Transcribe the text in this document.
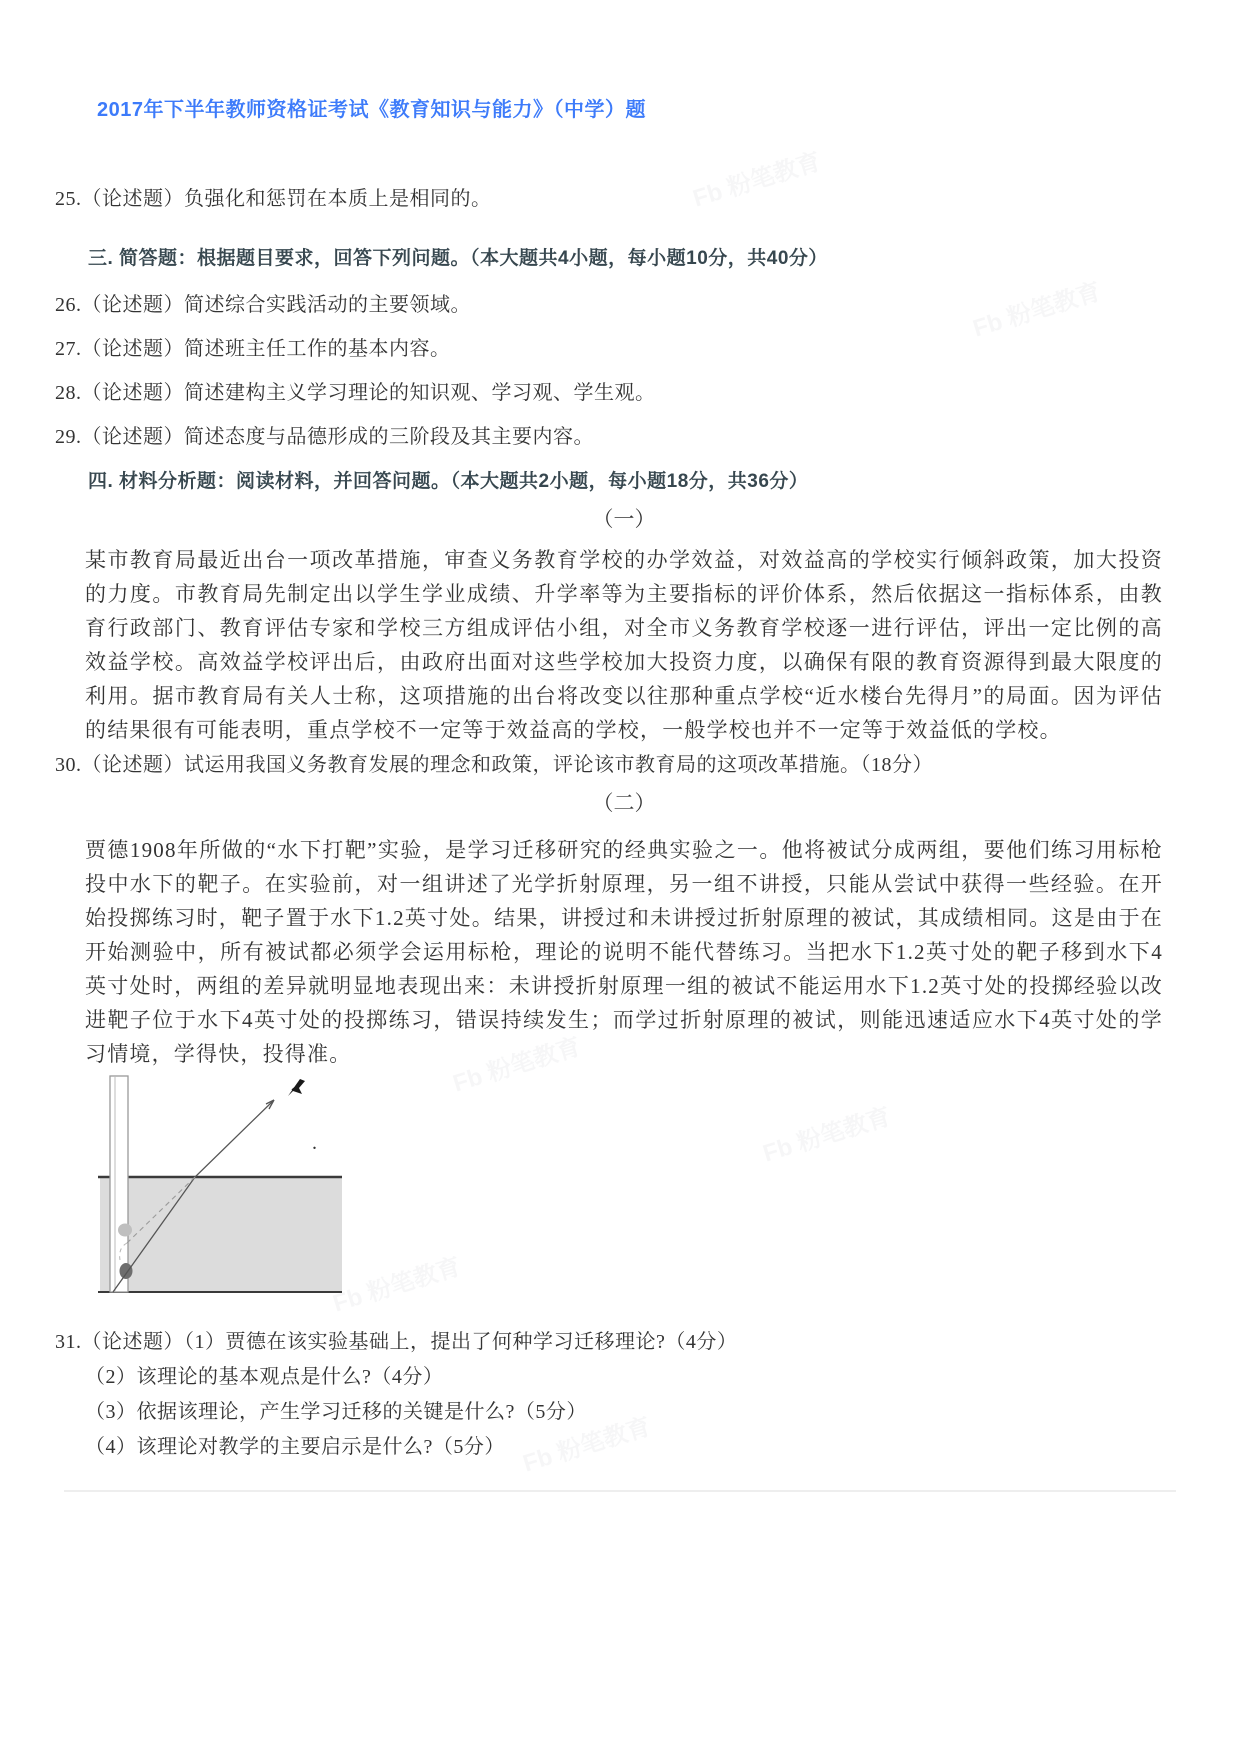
Fb 粉笔教育
Fb 粉笔教育
Fb 粉笔教育
Fb 粉笔教育
Fb 粉笔教育
Fb 粉笔教育
2017年下半年教师资格证考试《教育知识与能力》（中学）题
25.（论述题）负强化和惩罚在本质上是相同的。
三. 简答题：根据题目要求，回答下列问题。（本大题共4小题，每小题10分，共40分）
26.（论述题）简述综合实践活动的主要领域。
27.（论述题）简述班主任工作的基本内容。
28.（论述题）简述建构主义学习理论的知识观、学习观、学生观。
29.（论述题）简述态度与品德形成的三阶段及其主要内容。
四. 材料分析题：阅读材料，并回答问题。（本大题共2小题，每小题18分，共36分）
（一）
某市教育局最近出台一项改革措施，审查义务教育学校的办学效益，对效益高的学校实行倾斜政策，加大投资的力度。市教育局先制定出以学生学业成绩、升学率等为主要指标的评价体系，然后依据这一指标体系，由教育行政部门、教育评估专家和学校三方组成评估小组，对全市义务教育学校逐一进行评估，评出一定比例的高效益学校。高效益学校评出后，由政府出面对这些学校加大投资力度，以确保有限的教育资源得到最大限度的利用。据市教育局有关人士称，这项措施的出台将改变以往那种重点学校“近水楼台先得月”的局面。因为评估的结果很有可能表明，重点学校不一定等于效益高的学校，一般学校也并不一定等于效益低的学校。
30.（论述题）试运用我国义务教育发展的理念和政策，评论该市教育局的这项改革措施。（18分）
（二）
贾德1908年所做的“水下打靶”实验，是学习迁移研究的经典实验之一。他将被试分成两组，要他们练习用标枪投中水下的靶子。在实验前，对一组讲述了光学折射原理，另一组不讲授，只能从尝试中获得一些经验。在开始投掷练习时，靶子置于水下1.2英寸处。结果，讲授过和未讲授过折射原理的被试，其成绩相同。这是由于在开始测验中，所有被试都必须学会运用标枪，理论的说明不能代替练习。当把水下1.2英寸处的靶子移到水下4英寸处时，两组的差异就明显地表现出来：未讲授折射原理一组的被试不能运用水下1.2英寸处的投掷经验以改进靶子位于水下4英寸处的投掷练习，错误持续发生；而学过折射原理的被试，则能迅速适应水下4英寸处的学习情境，学得快，投得准。
.
31.（论述题）（1）贾德在该实验基础上，提出了何种学习迁移理论?（4分）
（2）该理论的基本观点是什么?（4分）
（3）依据该理论，产生学习迁移的关键是什么?（5分）
（4）该理论对教学的主要启示是什么?（5分）
